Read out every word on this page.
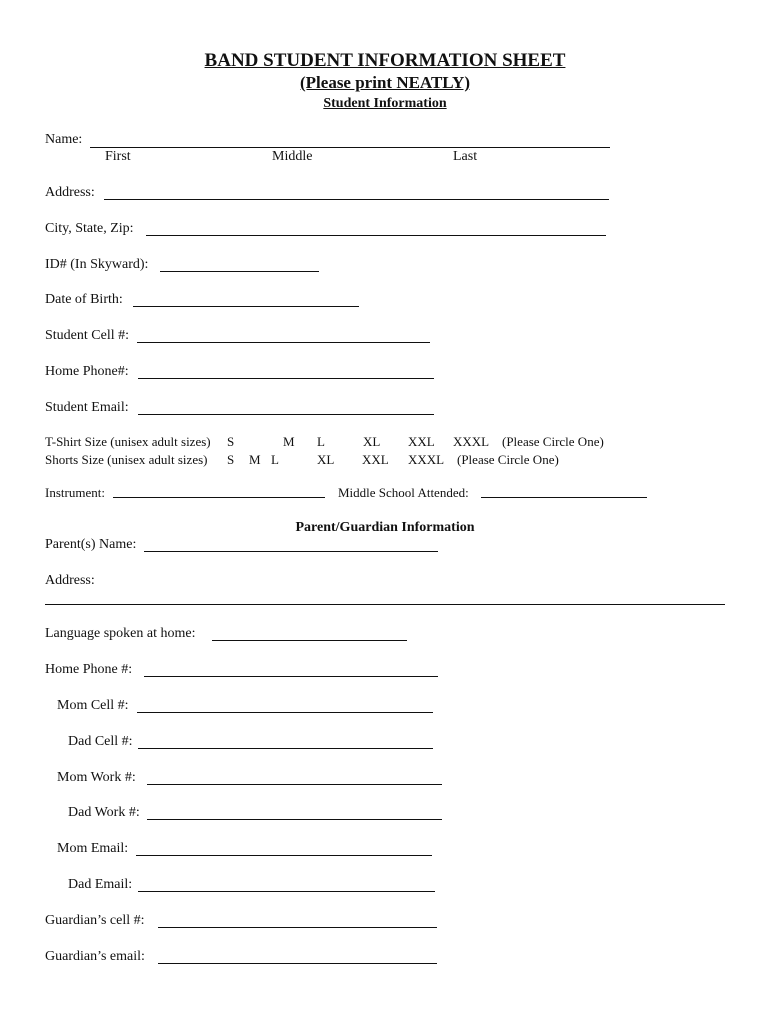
BAND STUDENT INFORMATION SHEET
(Please print NEATLY)
Student Information
Name:
First	Middle	Last
Address:
City, State, Zip:
ID# (In Skyward):
Date of Birth:
Student Cell #:
Home Phone#:
Student Email:
T-Shirt Size (unisex adult sizes) S	M L	XL XXL XXXL (Please Circle One)
Shorts Size (unisex adult sizes) S M L	XL XXL XXXL (Please Circle One)
Instrument:	Middle School Attended:
Parent/Guardian Information
Parent(s) Name:
Address:
Language spoken at home:
Home Phone #:
Mom Cell #:
Dad Cell #:
Mom Work #:
Dad Work #:
Mom Email:
Dad Email:
Guardian’s cell #:
Guardian’s email:
